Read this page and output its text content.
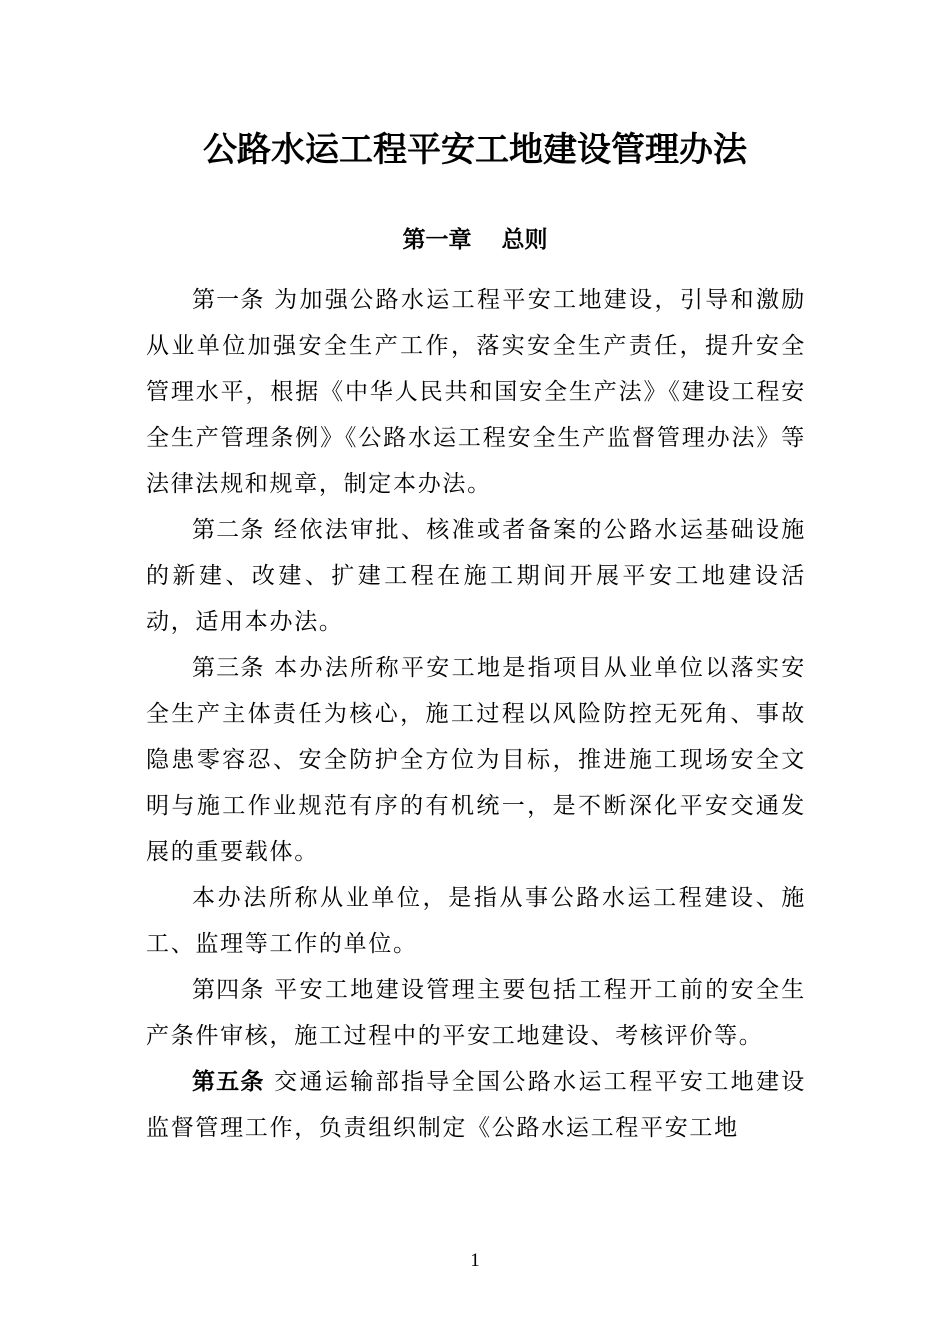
公路水运工程平安工地建设管理办法
第一章 总则

第一条 为加强公路水运工程平安工地建设，引导和激励从业单位加强安全生产工作，落实安全生产责任，提升安全管理水平，根据《中华人民共和国安全生产法》《建设工程安全生产管理条例》《公路水运工程安全生产监督管理办法》等法律法规和规章，制定本办法。

第二条 经依法审批、核准或者备案的公路水运基础设施的新建、改建、扩建工程在施工期间开展平安工地建设活动，适用本办法。

第三条 本办法所称平安工地是指项目从业单位以落实安全生产主体责任为核心，施工过程以风险防控无死角、事故隐患零容忍、安全防护全方位为目标，推进施工现场安全文明与施工作业规范有序的有机统一，是不断深化平安交通发展的重要载体。

本办法所称从业单位，是指从事公路水运工程建设、施工、监理等工作的单位。

第四条 平安工地建设管理主要包括工程开工前的安全生产条件审核，施工过程中的平安工地建设、考核评价等。

第五条 交通运输部指导全国公路水运工程平安工地建设监督管理工作，负责组织制定《公路水运工程平安工地

1
